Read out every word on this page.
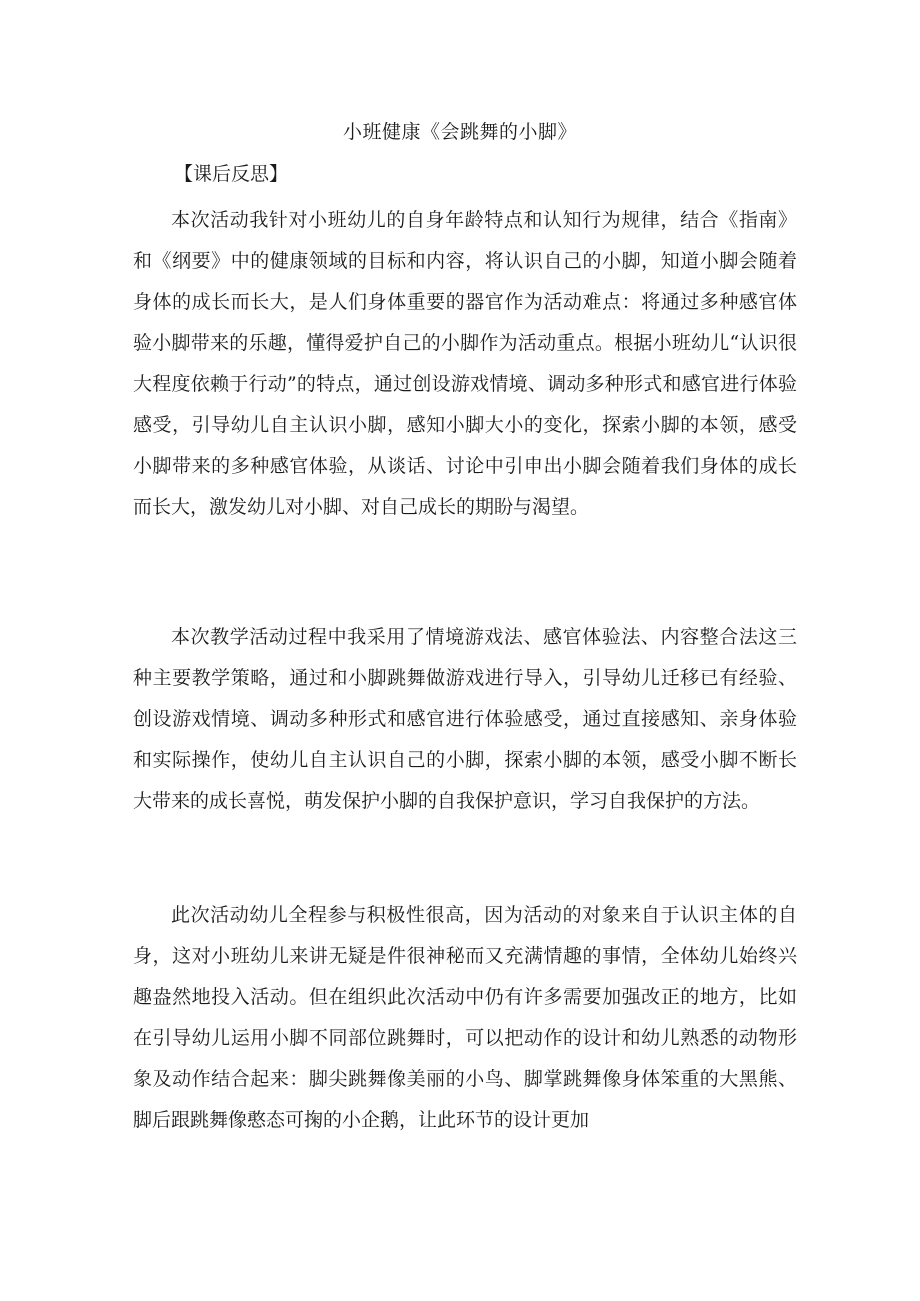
小班健康《会跳舞的小脚》
【课后反思】

本次活动我针对小班幼儿的自身年龄特点和认知行为规律，结合《指南》和《纲要》中的健康领域的目标和内容，将认识自己的小脚，知道小脚会随着身体的成长而长大，是人们身体重要的器官作为活动难点：将通过多种感官体验小脚带来的乐趣，懂得爱护自己的小脚作为活动重点。根据小班幼儿“认识很大程度依赖于行动”的特点，通过创设游戏情境、调动多种形式和感官进行体验感受，引导幼儿自主认识小脚，感知小脚大小的变化，探索小脚的本领，感受小脚带来的多种感官体验，从谈话、讨论中引申出小脚会随着我们身体的成长而长大，激发幼儿对小脚、对自己成长的期盼与渴望。

本次教学活动过程中我采用了情境游戏法、感官体验法、内容整合法这三种主要教学策略，通过和小脚跳舞做游戏进行导入，引导幼儿迁移已有经验、创设游戏情境、调动多种形式和感官进行体验感受，通过直接感知、亲身体验和实际操作，使幼儿自主认识自己的小脚，探索小脚的本领，感受小脚不断长大带来的成长喜悦，萌发保护小脚的自我保护意识，学习自我保护的方法。

此次活动幼儿全程参与积极性很高，因为活动的对象来自于认识主体的自身，这对小班幼儿来讲无疑是件很神秘而又充满情趣的事情，全体幼儿始终兴趣盎然地投入活动。但在组织此次活动中仍有许多需要加强改正的地方，比如在引导幼儿运用小脚不同部位跳舞时，可以把动作的设计和幼儿熟悉的动物形象及动作结合起来：脚尖跳舞像美丽的小鸟、脚掌跳舞像身体笨重的大黑熊、脚后跟跳舞像憨态可掬的小企鹅，让此环节的设计更加
